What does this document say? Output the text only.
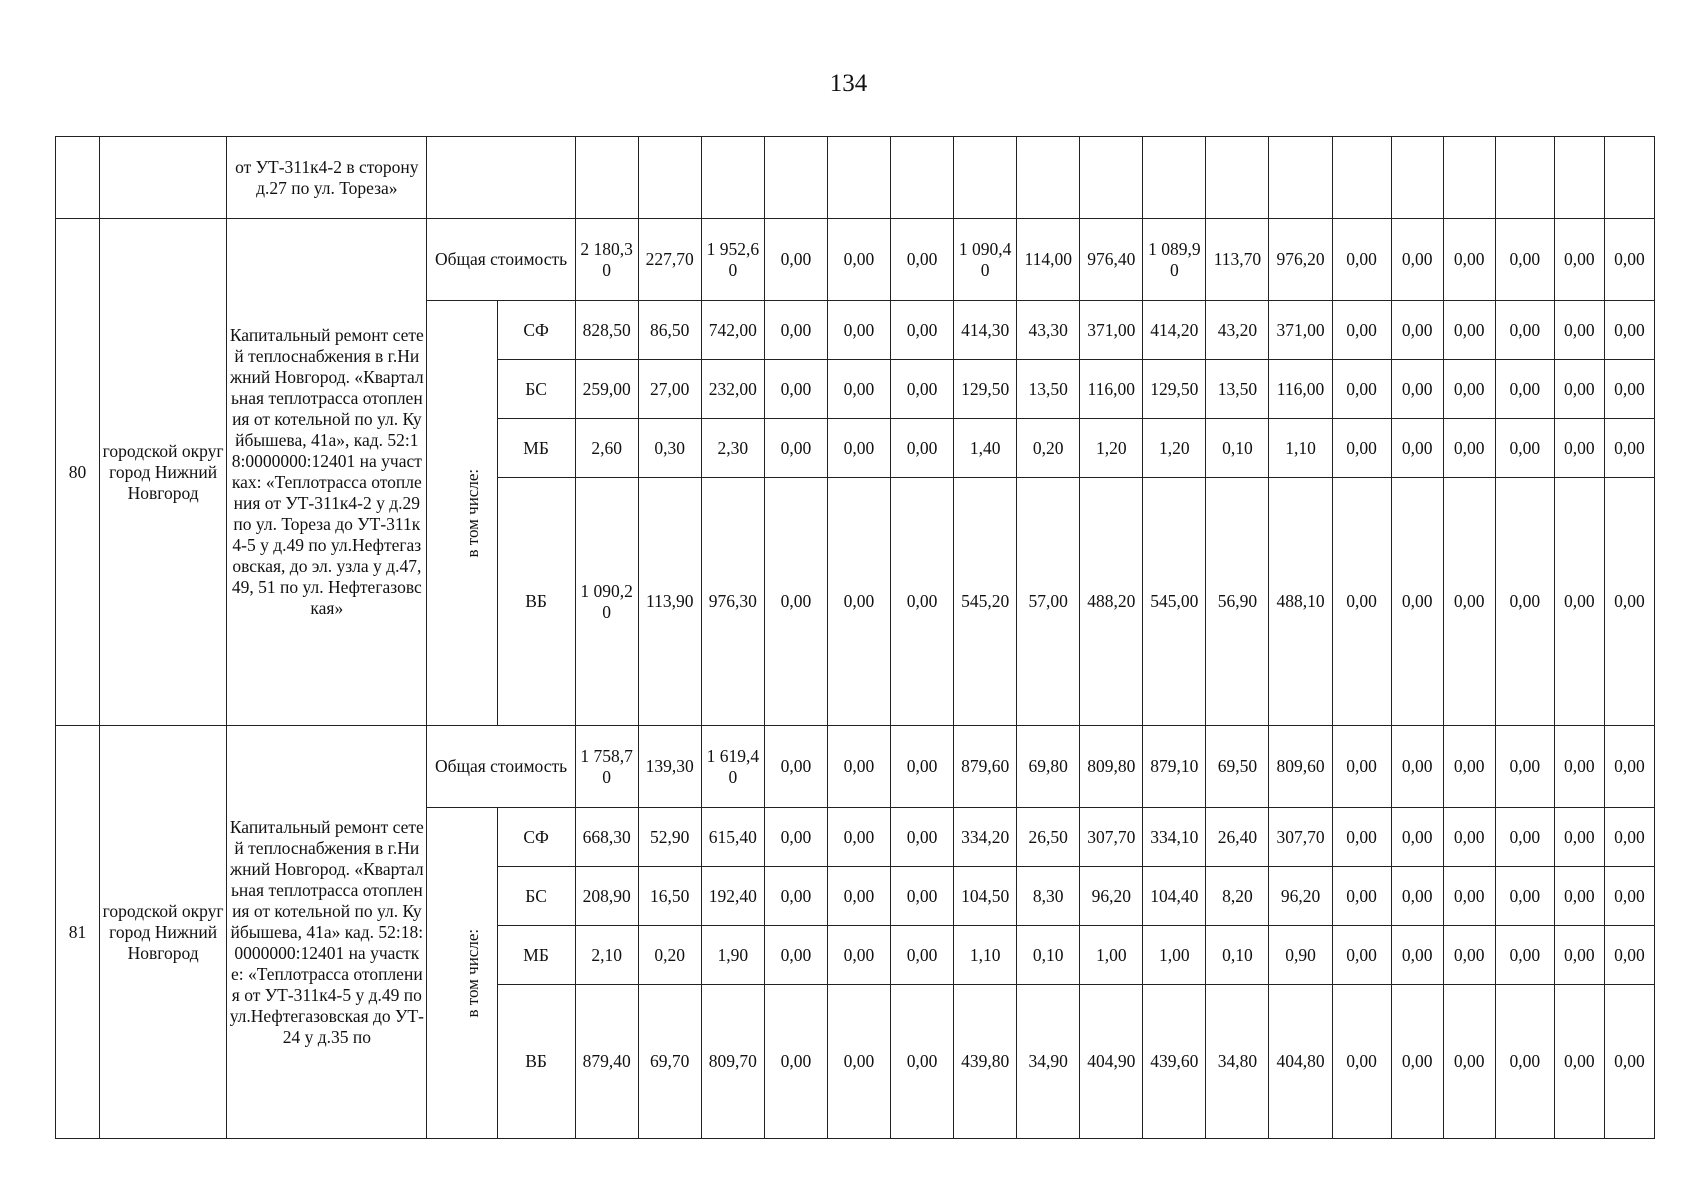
134
		от УТ-311к4-2 в сторону д.27 по ул. Тореза»																				
80	городской округ город Нижний Новгород	Капитальный ремонт сетей теплоснабжения в г.Нижний Новгород. «Квартальная теплотрасса отопления от котельной по ул. Куйбышева, 41а», кад. 52:18:0000000:12401 на участках: «Теплотрасса отопления от УТ-311к4-2 у д.29 по ул. Тореза до УТ-311к4-5 у д.49 по ул.Нефтегазовская, до эл. узла у д.47, 49, 51 по ул. Нефтегазовская»	Общая стоимость		2 180,30	227,70	1 952,60	0,00	0,00	0,00	1 090,40	114,00	976,40	1 089,90	113,70	976,20	0,00	0,00	0,00	0,00	0,00	0,00
			в том числе:	СФ	828,50	86,50	742,00	0,00	0,00	0,00	414,30	43,30	371,00	414,20	43,20	371,00	0,00	0,00	0,00	0,00	0,00	0,00
				БС	259,00	27,00	232,00	0,00	0,00	0,00	129,50	13,50	116,00	129,50	13,50	116,00	0,00	0,00	0,00	0,00	0,00	0,00
				МБ	2,60	0,30	2,30	0,00	0,00	0,00	1,40	0,20	1,20	1,20	0,10	1,10	0,00	0,00	0,00	0,00	0,00	0,00
				ВБ	1 090,20	113,90	976,30	0,00	0,00	0,00	545,20	57,00	488,20	545,00	56,90	488,10	0,00	0,00	0,00	0,00	0,00	0,00
81	городской округ город Нижний Новгород	Капитальный ремонт сетей теплоснабжения в г.Нижний Новгород. «Квартальная теплотрасса отопления от котельной по ул. Куйбышева, 41а» кад. 52:18:0000000:12401 на участке: «Теплотрасса отопления от УТ-311к4-5 у д.49 по ул.Нефтегазовская до УТ-24 у д.35 по	Общая стоимость		1 758,70	139,30	1 619,40	0,00	0,00	0,00	879,60	69,80	809,80	879,10	69,50	809,60	0,00	0,00	0,00	0,00	0,00	0,00
			в том числе:	СФ	668,30	52,90	615,40	0,00	0,00	0,00	334,20	26,50	307,70	334,10	26,40	307,70	0,00	0,00	0,00	0,00	0,00	0,00
				БС	208,90	16,50	192,40	0,00	0,00	0,00	104,50	8,30	96,20	104,40	8,20	96,20	0,00	0,00	0,00	0,00	0,00	0,00
				МБ	2,10	0,20	1,90	0,00	0,00	0,00	1,10	0,10	1,00	1,00	0,10	0,90	0,00	0,00	0,00	0,00	0,00	0,00
				ВБ	879,40	69,70	809,70	0,00	0,00	0,00	439,80	34,90	404,90	439,60	34,80	404,80	0,00	0,00	0,00	0,00	0,00	0,00
